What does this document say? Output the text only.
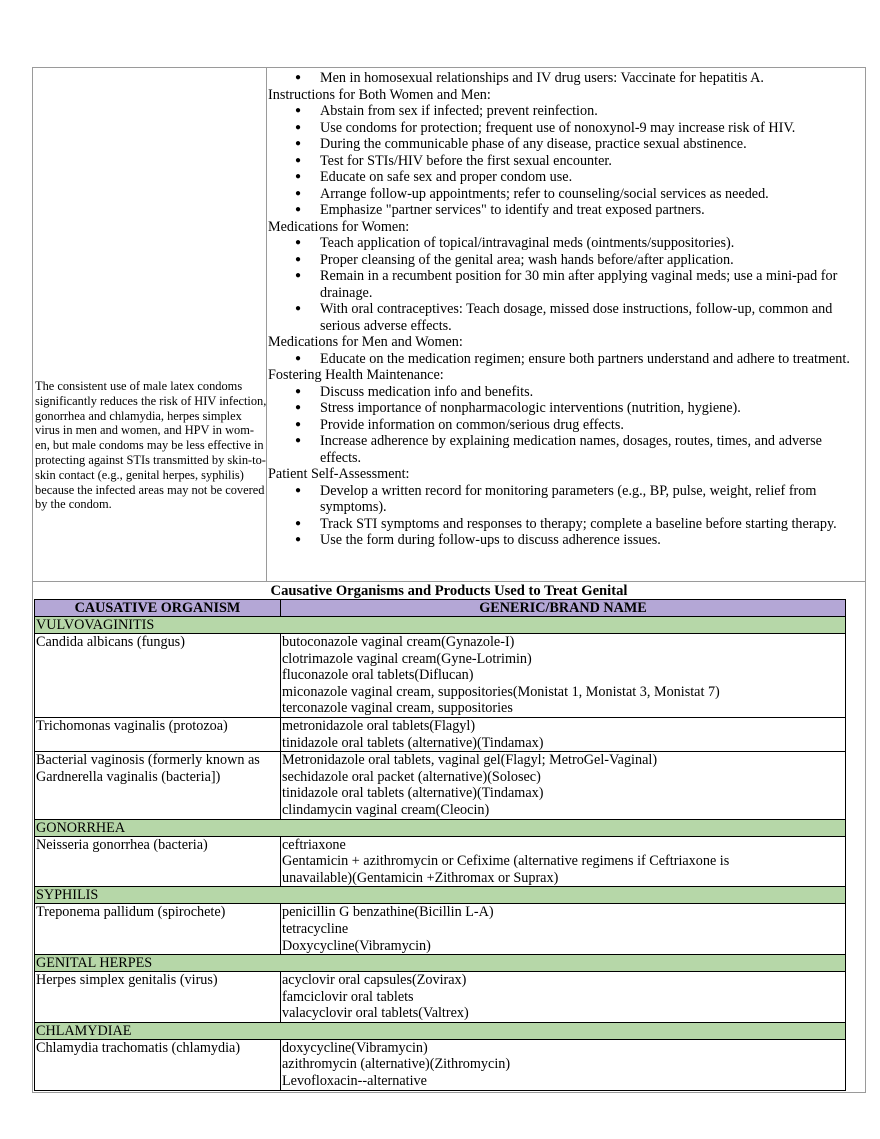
The consistent use of male latex condoms significantly reduces the risk of HIV infection, gonorrhea and chlamydia, herpes simplex virus in men and women, and HPV in wom-en, but male condoms may be less effective in protecting against STIs transmitted by skin-to-skin contact (e.g., genital herpes, syphilis) because the infected areas may not be covered by the condom.
● Men in homosexual relationships and IV drug users: Vaccinate for hepatitis A.
Instructions for Both Women and Men:
● Abstain from sex if infected; prevent reinfection.
● Use condoms for protection; frequent use of nonoxynol-9 may increase risk of HIV.
● During the communicable phase of any disease, practice sexual abstinence.
● Test for STIs/HIV before the first sexual encounter.
● Educate on safe sex and proper condom use.
● Arrange follow-up appointments; refer to counseling/social services as needed.
● Emphasize "partner services" to identify and treat exposed partners.
Medications for Women:
● Teach application of topical/intravaginal meds (ointments/suppositories).
● Proper cleansing of the genital area; wash hands before/after application.
● Remain in a recumbent position for 30 min after applying vaginal meds; use a mini-pad for drainage.
● With oral contraceptives: Teach dosage, missed dose instructions, follow-up, common and serious adverse effects.
Medications for Men and Women:
● Educate on the medication regimen; ensure both partners understand and adhere to treatment.
Fostering Health Maintenance:
● Discuss medication info and benefits.
● Stress importance of nonpharmacologic interventions (nutrition, hygiene).
● Provide information on common/serious drug effects.
● Increase adherence by explaining medication names, dosages, routes, times, and adverse effects.
Patient Self-Assessment:
● Develop a written record for monitoring parameters (e.g., BP, pulse, weight, relief from symptoms).
● Track STI symptoms and responses to therapy; complete a baseline before starting therapy.
● Use the form during follow-ups to discuss adherence issues.
Causative Organisms and Products Used to Treat Genital
CAUSATIVE ORGANISM	GENERIC/BRAND NAME
VULVOVAGINITIS	
Candida albicans (fungus)	butoconazole vaginal cream(Gynazole-I)
clotrimazole vaginal cream(Gyne-Lotrimin)
fluconazole oral tablets(Diflucan)
miconazole vaginal cream, suppositories(Monistat 1, Monistat 3, Monistat 7)
terconazole vaginal cream, suppositories

Trichomonas vaginalis (protozoa)	metronidazole oral tablets(Flagyl)
tinidazole oral tablets (alternative)(Tindamax)

Bacterial vaginosis (formerly known as Gardnerella vaginalis (bacteria])	Metronidazole oral tablets, vaginal gel(Flagyl; MetroGel-Vaginal)
sechidazole oral packet (alternative)(Solosec)
tinidazole oral tablets (alternative)(Tindamax)
clindamycin vaginal cream(Cleocin)

GONORRHEA	
Neisseria gonorrhea (bacteria)	ceftriaxone
Gentamicin + azithromycin or Cefixime (alternative regimens if Ceftriaxone is
unavailable)(Gentamicin +Zithromax or Suprax)

SYPHILIS	
Treponema pallidum (spirochete)	penicillin G benzathine(Bicillin L-A)
tetracycline
Doxycycline(Vibramycin)

GENITAL HERPES	
Herpes simplex genitalis (virus)	acyclovir oral capsules(Zovirax)
famciclovir oral tablets
valacyclovir oral tablets(Valtrex)

CHLAMYDIAE	
Chlamydia trachomatis (chlamydia)	doxycycline(Vibramycin)
azithromycin (alternative)(Zithromycin)
Levofloxacin--alternative
